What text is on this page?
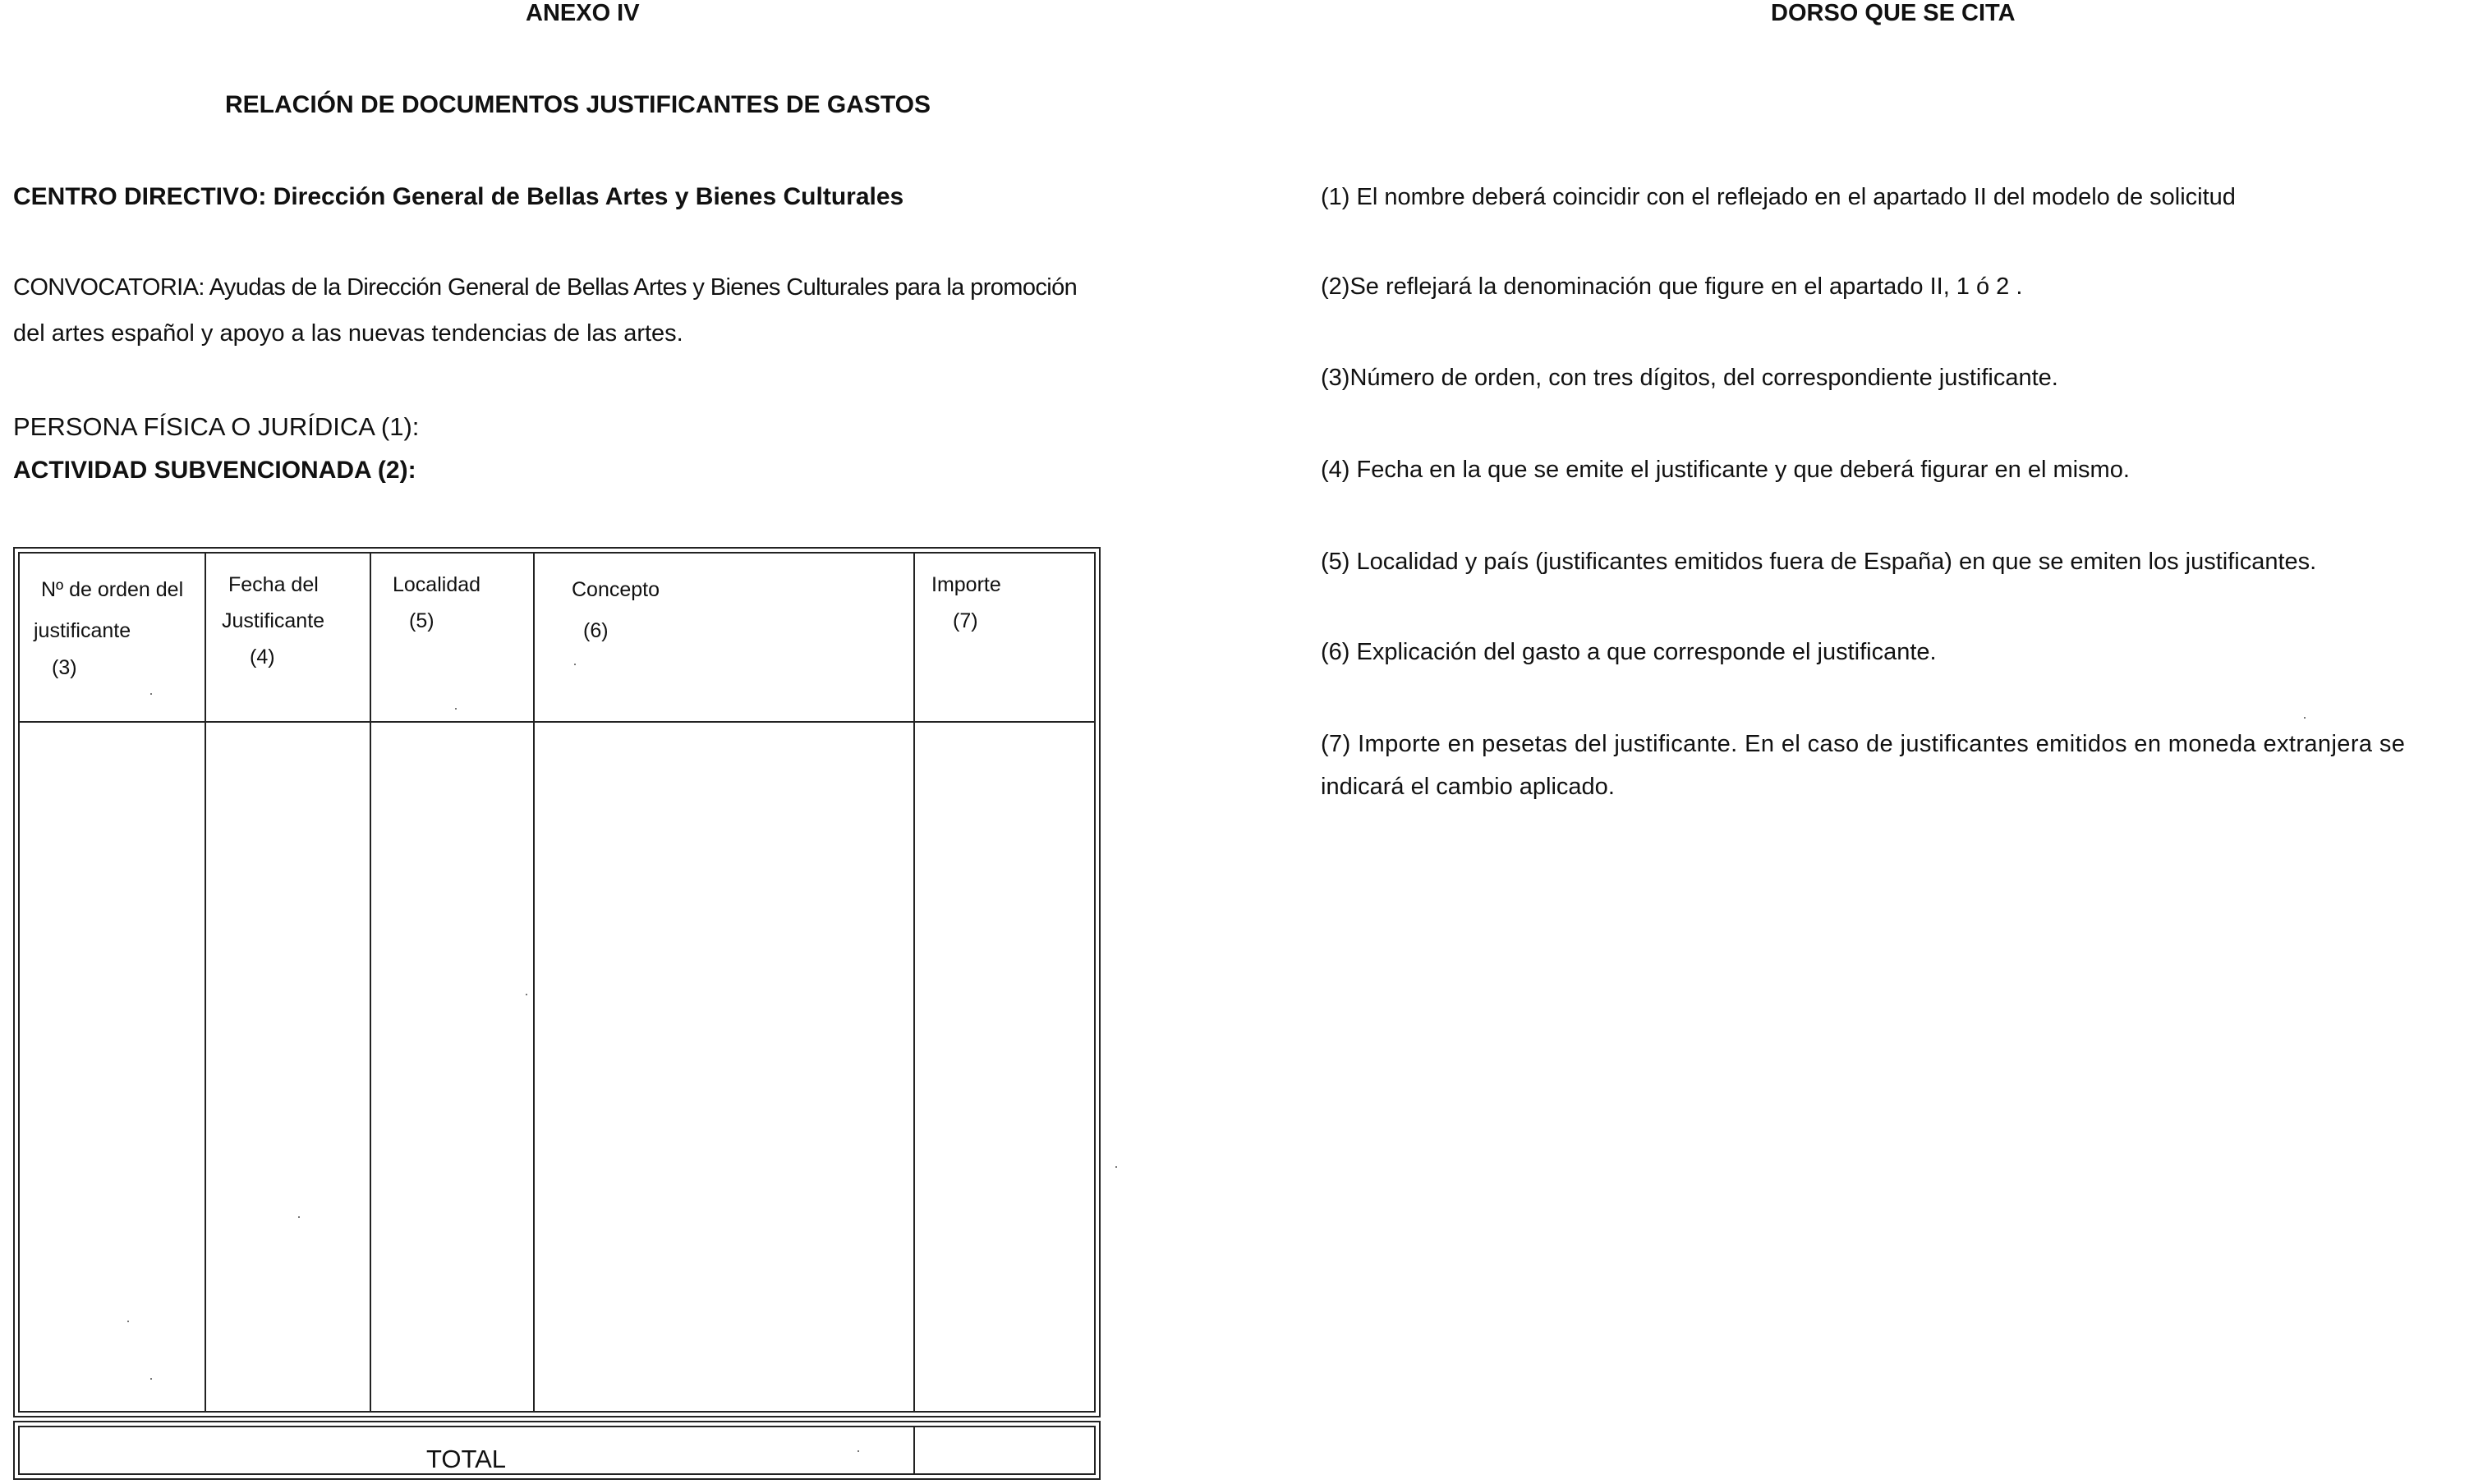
ANEXO IV
RELACIÓN DE DOCUMENTOS JUSTIFICANTES DE GASTOS
CENTRO DIRECTIVO: Dirección General de Bellas Artes y Bienes Culturales
CONVOCATORIA: Ayudas de la Dirección General de Bellas Artes y Bienes Culturales para la promoción
del artes español y apoyo a las nuevas tendencias de las artes.
PERSONA FÍSICA O JURÍDICA (1):
ACTIVIDAD SUBVENCIONADA (2):
Nº de orden del
justificante
(3)
Fecha del
Justificante
(4)
Localidad
(5)
Concepto
(6)
Importe
(7)
TOTAL
DORSO QUE SE CITA
(1) El nombre deberá coincidir con el reflejado en el apartado II del modelo de solicitud
(2)Se reflejará la denominación que figure en el apartado II, 1 ó 2 .
(3)Número de orden, con tres dígitos, del correspondiente justificante.
(4) Fecha en la que se emite el justificante y que deberá figurar en el mismo.
(5) Localidad y país (justificantes emitidos fuera de España) en que se emiten los justificantes.
(6) Explicación del gasto a que corresponde el justificante.
(7) Importe en pesetas del justificante. En el caso de justificantes emitidos en moneda extranjera se
indicará el cambio aplicado.
